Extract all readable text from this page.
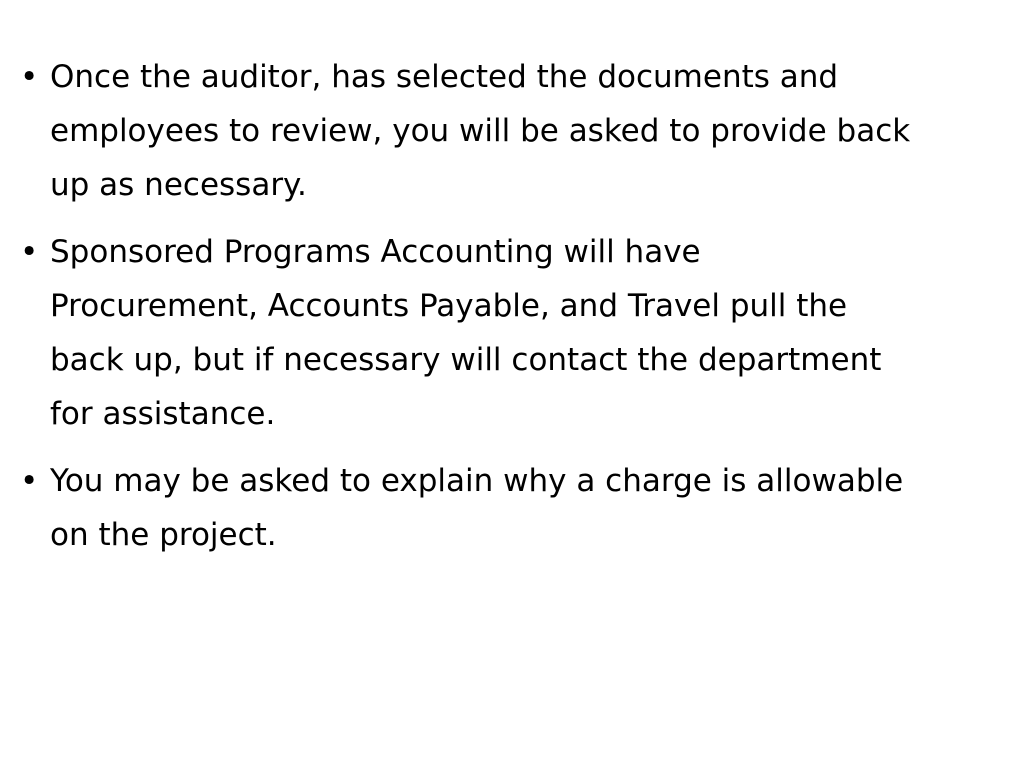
• Once the auditor, has selected the documents and employees to review, you will be asked to provide back up as necessary.
• Sponsored Programs Accounting will have Procurement, Accounts Payable, and Travel pull the back up, but if necessary will contact the department for assistance.
• You may be asked to explain why a charge is allowable on the project.
